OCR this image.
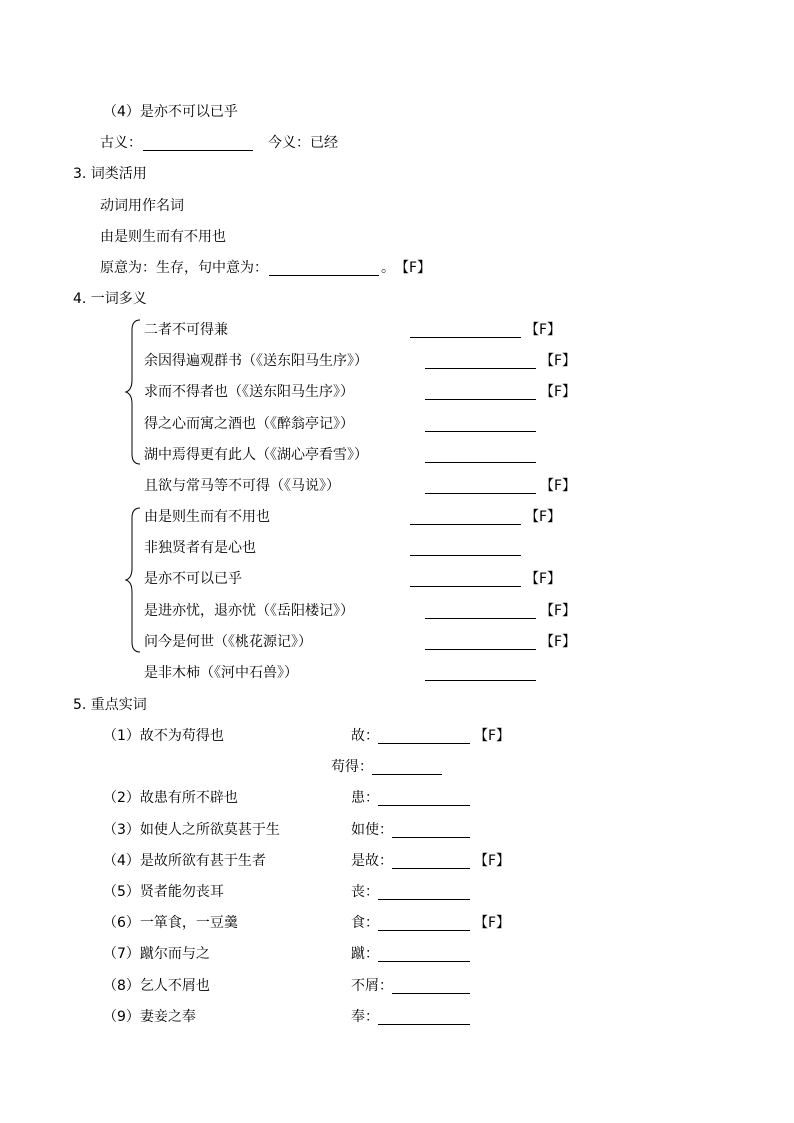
（4）是亦不可以已乎
古义：	今义：已经
3. 词类活用
动词用作名词
由是则生而有不用也
原意为：生存，句中意为：	。 【F】
4. 一词多义
二者不可得兼	【F】
余因得遍观群书（《送东阳马生序》）	【F】
求而不得者也（《送东阳马生序》）	【F】
得之心而寓之酒也（《醉翁亭记》）
湖中焉得更有此人（《湖心亭看雪》）
且欲与常马等不可得（《马说》）	【F】
由是则生而有不用也	【F】
非独贤者有是心也
是亦不可以已乎	【F】
是进亦忧，退亦忧（《岳阳楼记》）	【F】
问今是何世（《桃花源记》）	【F】
是非木柿（《河中石兽》）
5. 重点实词
（1）故不为苟得也	故：	【F】
苟得：
（2）故患有所不辟也	患：
（3）如使人之所欲莫甚于生	如使：
（4）是故所欲有甚于生者	是故：	【F】
（5）贤者能勿丧耳	丧：
（6）一箪食，一豆羹	食：	【F】
（7）蹴尔而与之	蹴：
（8）乞人不屑也	不屑：
（9）妻妾之奉	奉：
